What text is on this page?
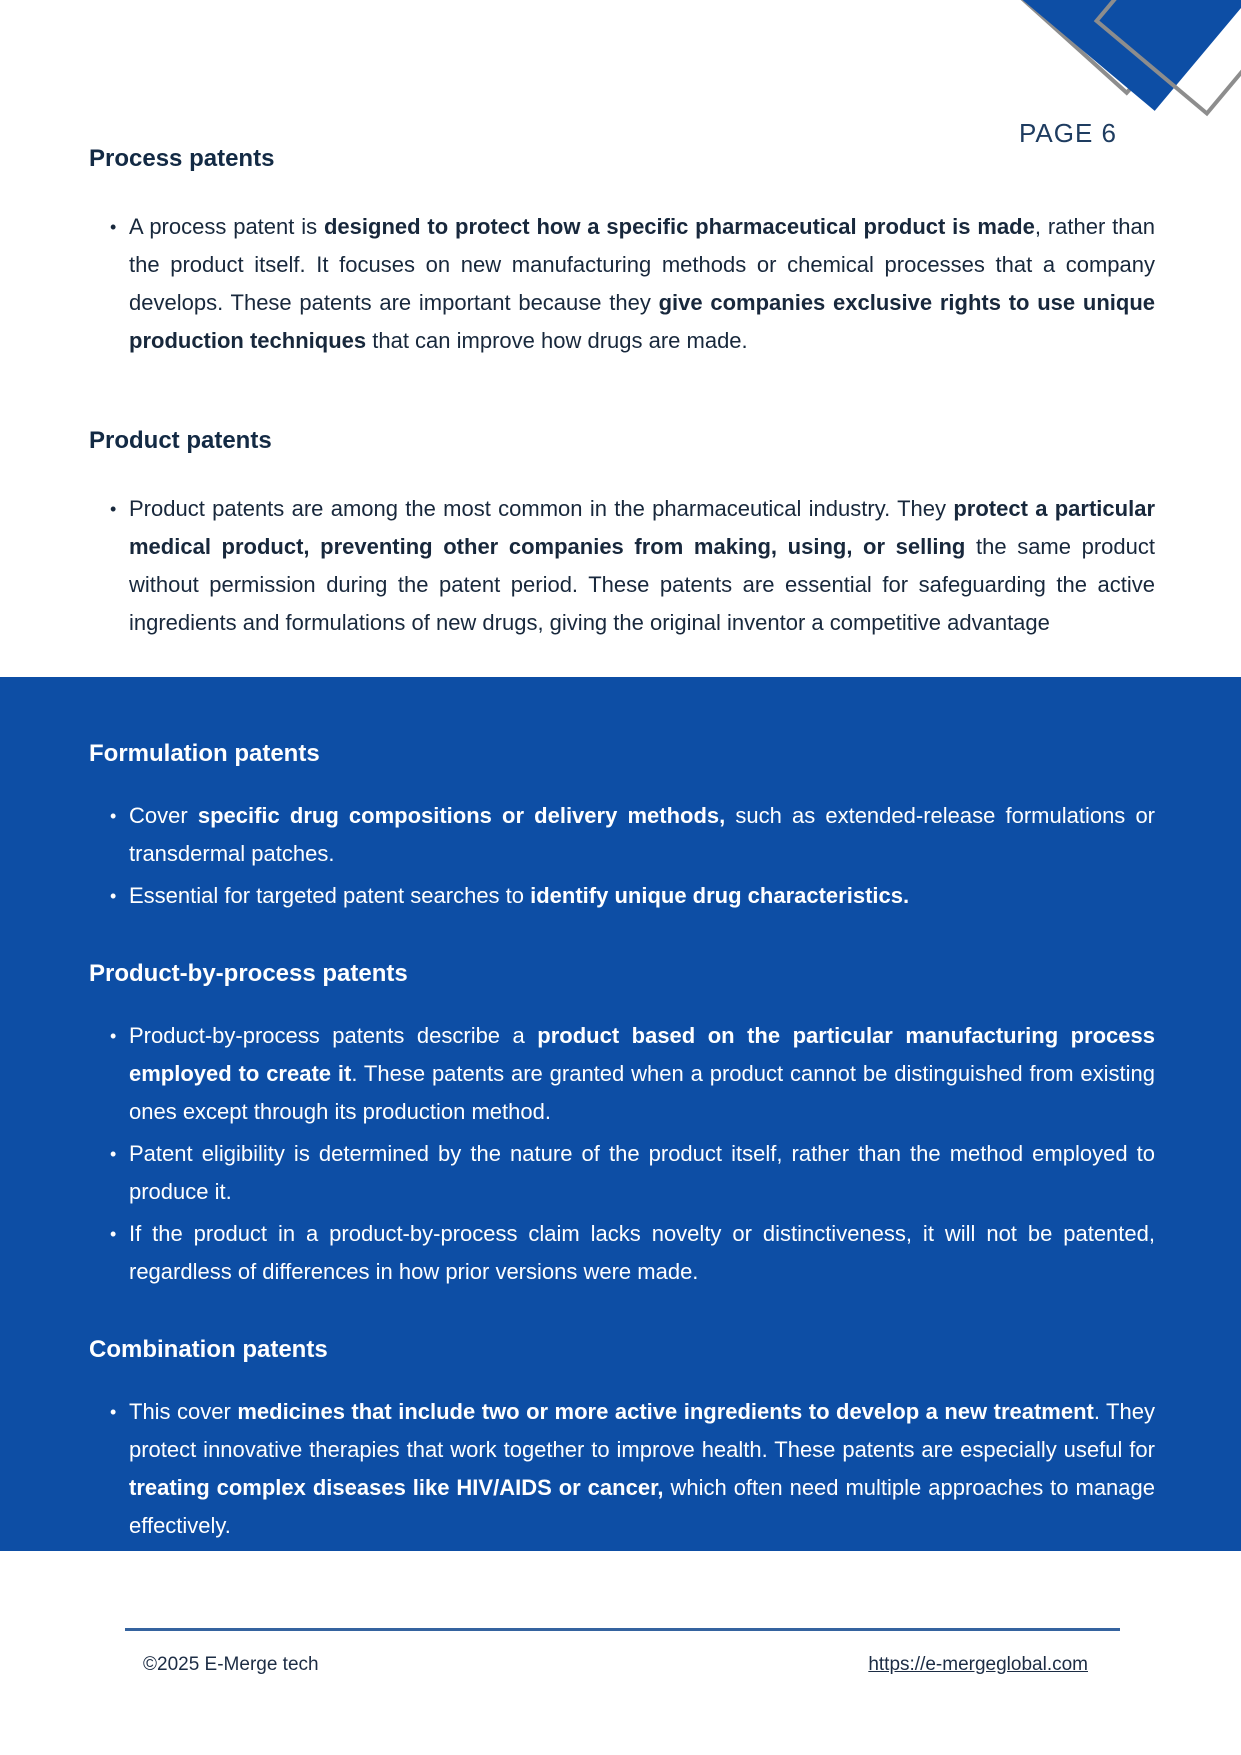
PAGE 6
Process patents
• A process patent is designed to protect how a specific pharmaceutical product is made, rather than the product itself. It focuses on new manufacturing methods or chemical processes that a company develops. These patents are important because they give companies exclusive rights to use unique production techniques that can improve how drugs are made.
Product patents
• Product patents are among the most common in the pharmaceutical industry. They protect a particular medical product, preventing other companies from making, using, or selling the same product without permission during the patent period. These patents are essential for safeguarding the active ingredients and formulations of new drugs, giving the original inventor a competitive advantage
Formulation patents
• Cover specific drug compositions or delivery methods, such as extended-release formulations or transdermal patches.
• Essential for targeted patent searches to identify unique drug characteristics.
Product-by-process patents
• Product-by-process patents describe a product based on the particular manufacturing process employed to create it. These patents are granted when a product cannot be distinguished from existing ones except through its production method.
• Patent eligibility is determined by the nature of the product itself, rather than the method employed to produce it.
• If the product in a product-by-process claim lacks novelty or distinctiveness, it will not be patented, regardless of differences in how prior versions were made.
Combination patents
• This cover medicines that include two or more active ingredients to develop a new treatment. They protect innovative therapies that work together to improve health. These patents are especially useful for treating complex diseases like HIV/AIDS or cancer, which often need multiple approaches to manage effectively.
©2025 E-Merge tech	https://e-mergeglobal.com
